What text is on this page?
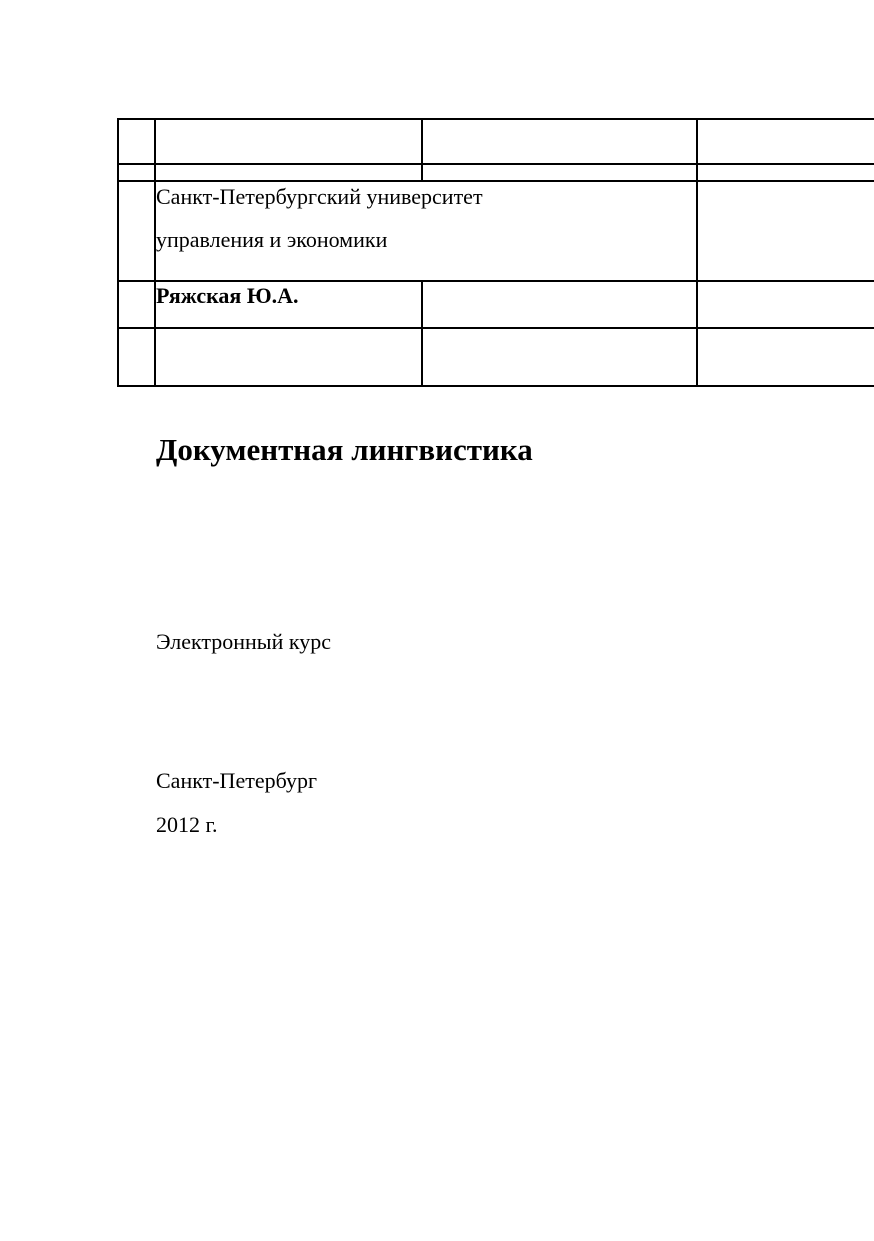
Санкт-Петербургский университет
управления и экономики
Ряжская Ю.А.
Документная лингвистика
Электронный курс
Санкт-Петербург
2012 г.
